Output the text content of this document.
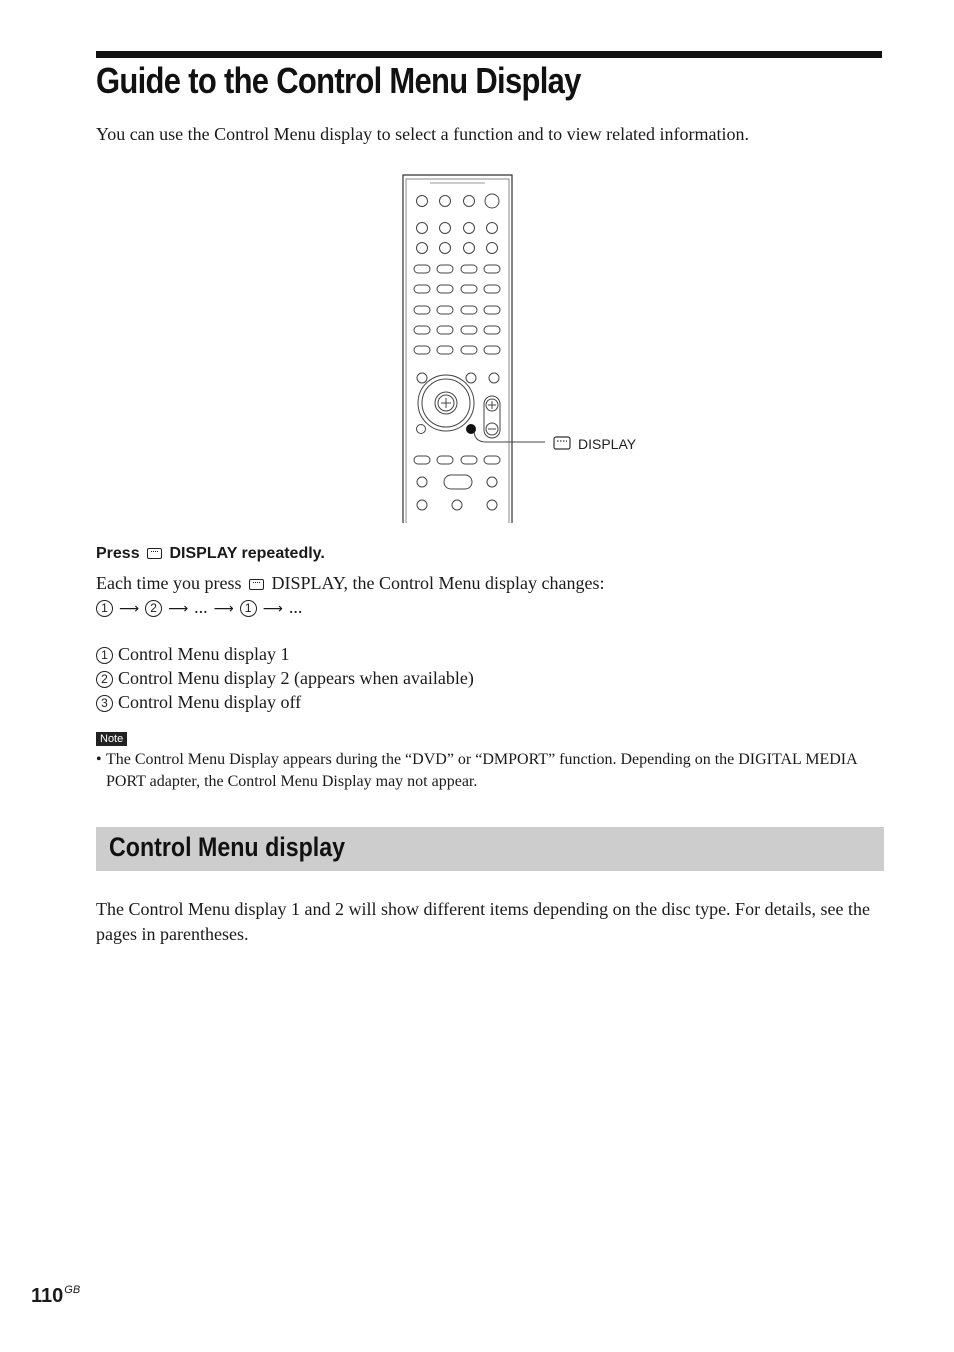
Guide to the Control Menu Display

You can use the Control Menu display to select a function and to view related information.

DISPLAY
Press DISPLAY repeatedly.
Each time you press DISPLAY, the Control Menu display changes:
1 ⟶ 2 ⟶ ... ⟶ 1 ⟶ ...
1 Control Menu display 1
2 Control Menu display 2 (appears when available)
3 Control Menu display off
Note
• The Control Menu Display appears during the “DVD” or “DMPORT” function. Depending on the DIGITAL MEDIA PORT adapter, the Control Menu Display may not appear.
Control Menu display

The Control Menu display 1 and 2 will show different items depending on the disc type. For details, see the pages in parentheses.

$110^{GB}$
